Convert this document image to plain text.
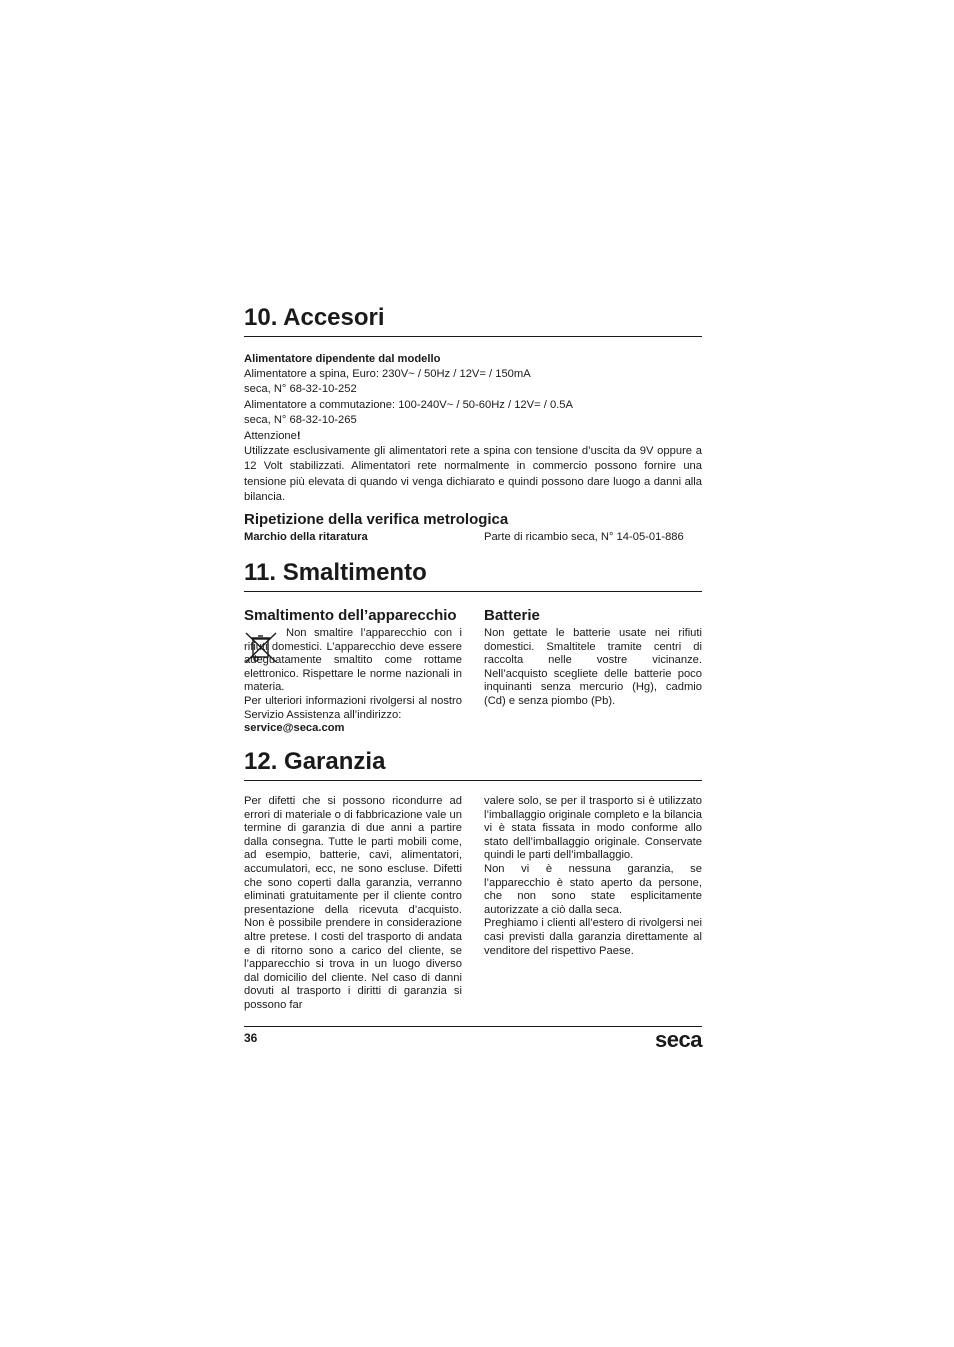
10. Accesori
Alimentatore dipendente dal modello
Alimentatore a spina, Euro: 230V~ / 50Hz / 12V= / 150mA
seca, N° 68-32-10-252
Alimentatore a commutazione: 100-240V~ / 50-60Hz / 12V= / 0.5A
seca, N° 68-32-10-265
Attenzione!
Utilizzate esclusivamente gli alimentatori rete a spina con tensione d’uscita da 9V oppure a 12 Volt stabilizzati. Alimentatori rete normalmente in commercio possono fornire una tensione più elevata di quando vi venga dichiarato e quindi possono dare luogo a danni alla bilancia.
Ripetizione della verifica metrologica
Marchio della ritaratura	Parte di ricambio seca, N° 14-05-01-886
11. Smaltimento
Smaltimento dell’apparecchio

Non smaltire l’apparecchio con i rifiuti domestici. L’apparecchio deve essere adeguatamente smaltito come rottame elettronico. Rispettare le norme nazionali in materia.

Per ulteriori informazioni rivolgersi al nostro Servizio Assistenza all’indirizzo:

service@seca.com

Batterie

Non gettate le batterie usate nei rifiuti domestici. Smaltitele tramite centri di raccolta nelle vostre vicinanze. Nell’acquisto scegliete delle batterie poco inquinanti senza mercurio (Hg), cadmio (Cd) e senza piombo (Pb).

12. Garanzia

Per difetti che si possono ricondurre ad errori di materiale o di fabbricazione vale un termine di garanzia di due anni a partire dalla consegna. Tutte le parti mobili come, ad esempio, batterie, cavi, alimentatori, accumulatori, ecc, ne sono escluse. Difetti che sono coperti dalla garanzia, verranno eliminati gratuitamente per il cliente contro presentazione della ricevuta d’acquisto. Non è possibile prendere in considerazione altre pretese. I costi del trasporto di andata e di ritorno sono a carico del cliente, se l’apparecchio si trova in un luogo diverso dal domicilio del cliente. Nel caso di danni dovuti al trasporto i diritti di garanzia si possono far

valere solo, se per il trasporto si è utilizzato l’imballaggio originale completo e la bilancia vi è stata fissata in modo conforme allo stato dell’imballaggio originale. Conservate quindi le parti dell’imballaggio.

Non vi è nessuna garanzia, se l’apparecchio è stato aperto da persone, che non sono state esplicitamente autorizzate a ciò dalla seca.

Preghiamo i clienti all’estero di rivolgersi nei casi previsti dalla garanzia direttamente al venditore del rispettivo Paese.

36	seca
